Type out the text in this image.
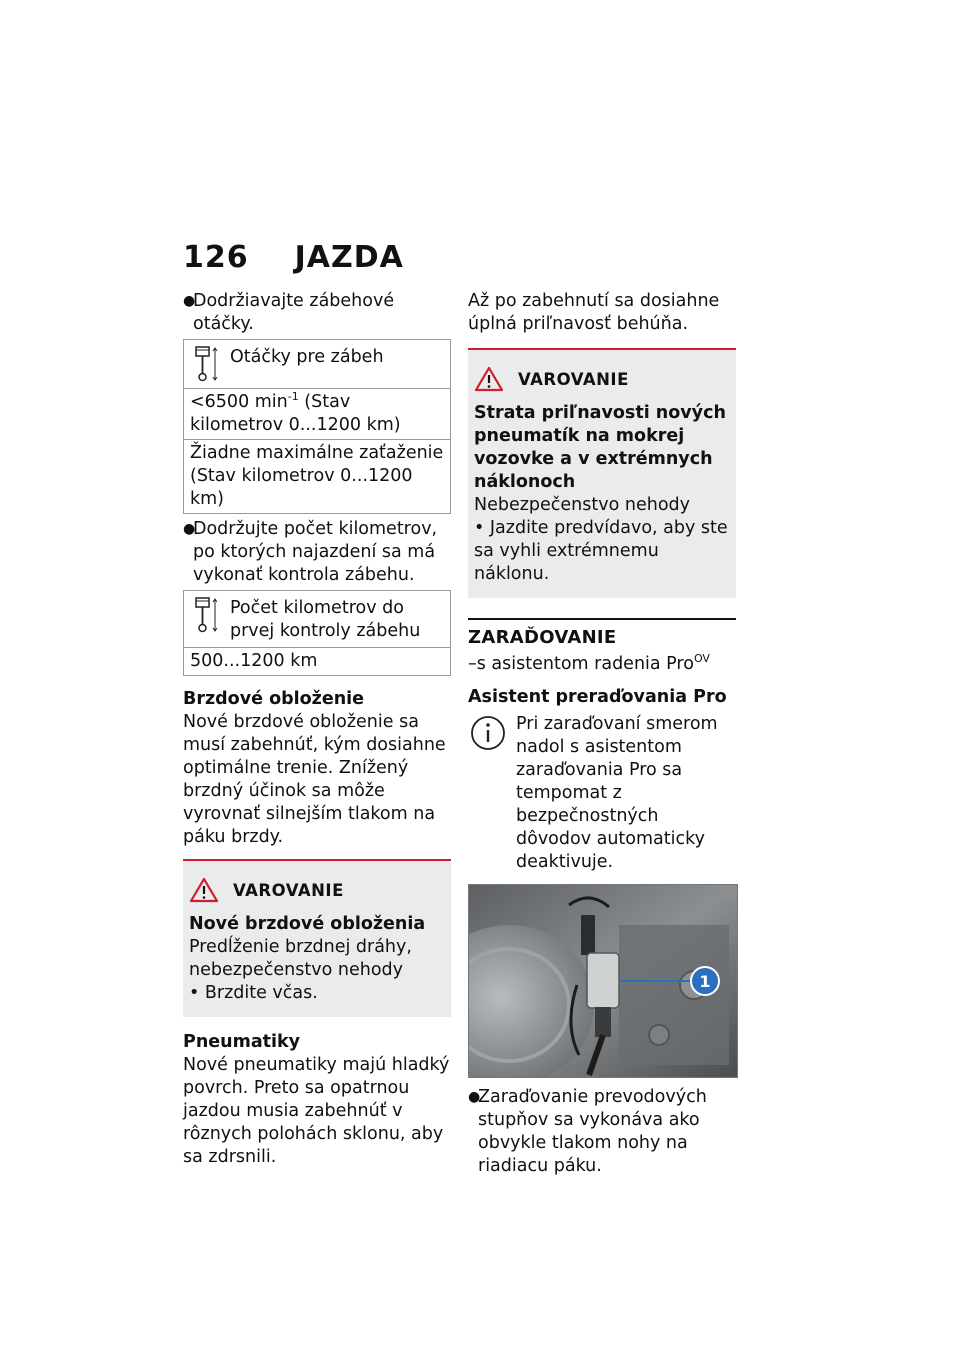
126 JAZDA
●
Dodržiavajte zábehové otáčky.
Otáčky pre zábeh
<6500 $\min^{-1}$ (Stav kilometrov 0...1200 km)
Žiadne maximálne zaťaženie (Stav kilometrov 0...1200 km)
●
Dodržujte počet kilometrov, po ktorých najazdení sa má vykonať kontrola zábehu.
Počet kilometrov do prvej kontroly zábehu
500...1200 km

Brzdové obloženie

Nové brzdové obloženie sa musí zabehnúť, kým dosiahne optimálne trenie. Znížený brzdný účinok sa môže vyrovnať silnejším tlakom na páku brzdy.

VAROVANIE

Nové brzdové obloženia

Predĺženie brzdnej dráhy, nebezpečenstvo nehody

• Brzdite včas.

Pneumatiky

Nové pneumatiky majú hladký povrch. Preto sa opatrnou jazdou musia zabehnúť v rôznych polohách sklonu, aby sa zdrsnili.

Až po zabehnutí sa dosiahne úplná priľnavosť behúňa.

VAROVANIE

Strata priľnavosti nových pneumatík na mokrej vozovke a v extrémnych náklonoch

Nebezpečenstvo nehody

• Jazdite predvídavo, aby ste sa vyhli extrémnemu náklonu.

ZARAĎOVANIE

–s asistentom radenia Pro$^{OV}$

Asistent preraďovania Pro

Pri zaraďovaní smerom nadol s asistentom zaraďovania Pro sa tempomat z bezpečnostných dôvodov automaticky deaktivuje.

1
●
Zaraďovanie prevodových stupňov sa vykonáva ako obvykle tlakom nohy na riadiacu páku.
